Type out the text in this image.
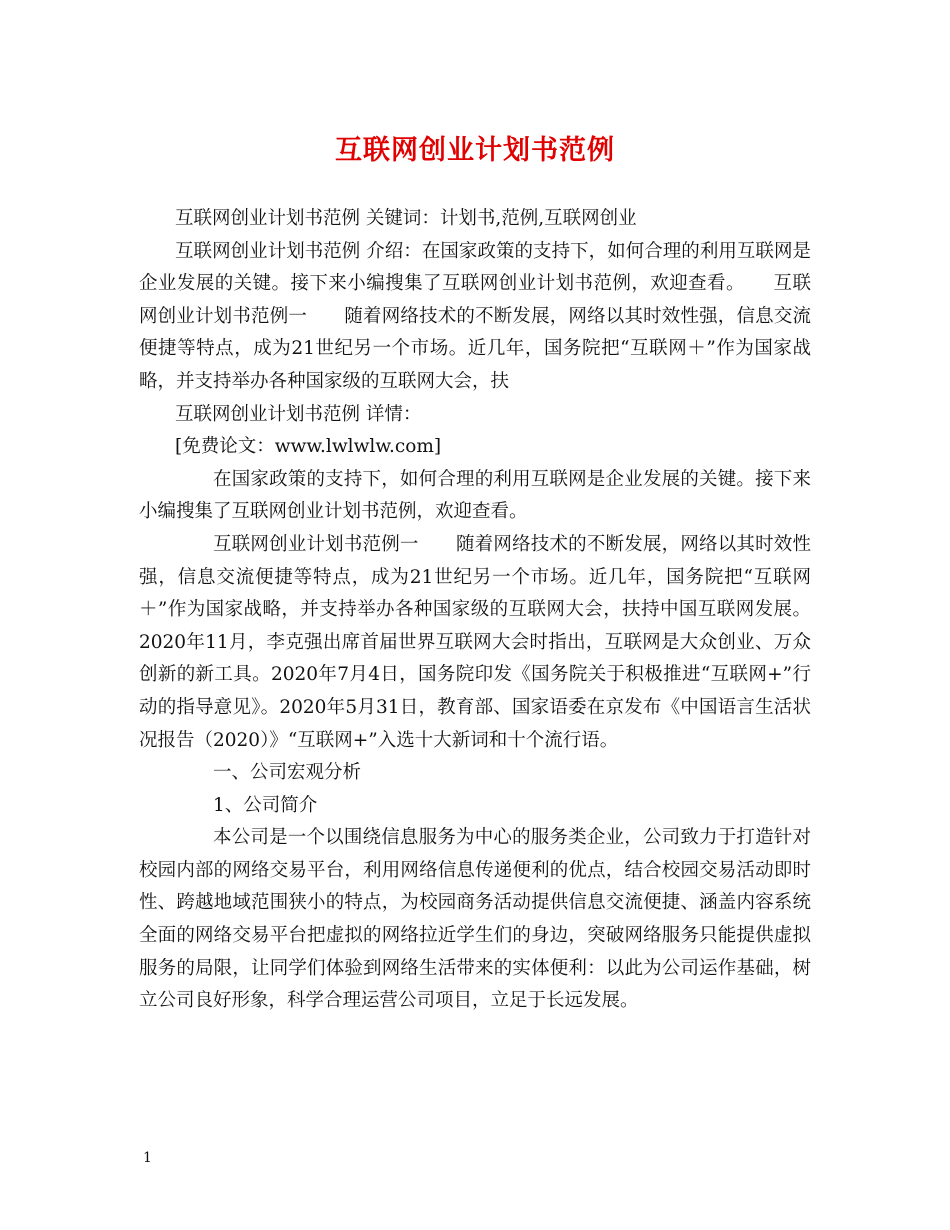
互联网创业计划书范例

互联网创业计划书范例 关键词：计划书,范例,互联网创业

互联网创业计划书范例 介绍：在国家政策的支持下，如何合理的利用互联网是企业发展的关键。接下来小编搜集了互联网创业计划书范例，欢迎查看。　　互联网创业计划书范例一　　随着网络技术的不断发展，网络以其时效性强，信息交流便捷等特点，成为21世纪另一个市场。近几年，国务院把“互联网＋”作为国家战略，并支持举办各种国家级的互联网大会，扶

互联网创业计划书范例 详情：

[免费论文：www.lwlwlw.com]

在国家政策的支持下，如何合理的利用互联网是企业发展的关键。接下来小编搜集了互联网创业计划书范例，欢迎查看。

互联网创业计划书范例一　　随着网络技术的不断发展，网络以其时效性强，信息交流便捷等特点，成为21世纪另一个市场。近几年，国务院把“互联网＋”作为国家战略，并支持举办各种国家级的互联网大会，扶持中国互联网发展。2020年11月，李克强出席首届世界互联网大会时指出，互联网是大众创业、万众创新的新工具。2020年7月4日，国务院印发《国务院关于积极推进“互联网+”行动的指导意见》。2020年5月31日，教育部、国家语委在京发布《中国语言生活状况报告（2020）》“互联网+”入选十大新词和十个流行语。

一、公司宏观分析

1、公司简介

本公司是一个以围绕信息服务为中心的服务类企业，公司致力于打造针对校园内部的网络交易平台，利用网络信息传递便利的优点，结合校园交易活动即时性、跨越地域范围狭小的特点，为校园商务活动提供信息交流便捷、涵盖内容系统全面的网络交易平台把虚拟的网络拉近学生们的身边，突破网络服务只能提供虚拟服务的局限，让同学们体验到网络生活带来的实体便利：以此为公司运作基础，树立公司良好形象，科学合理运营公司项目，立足于长远发展。

1
